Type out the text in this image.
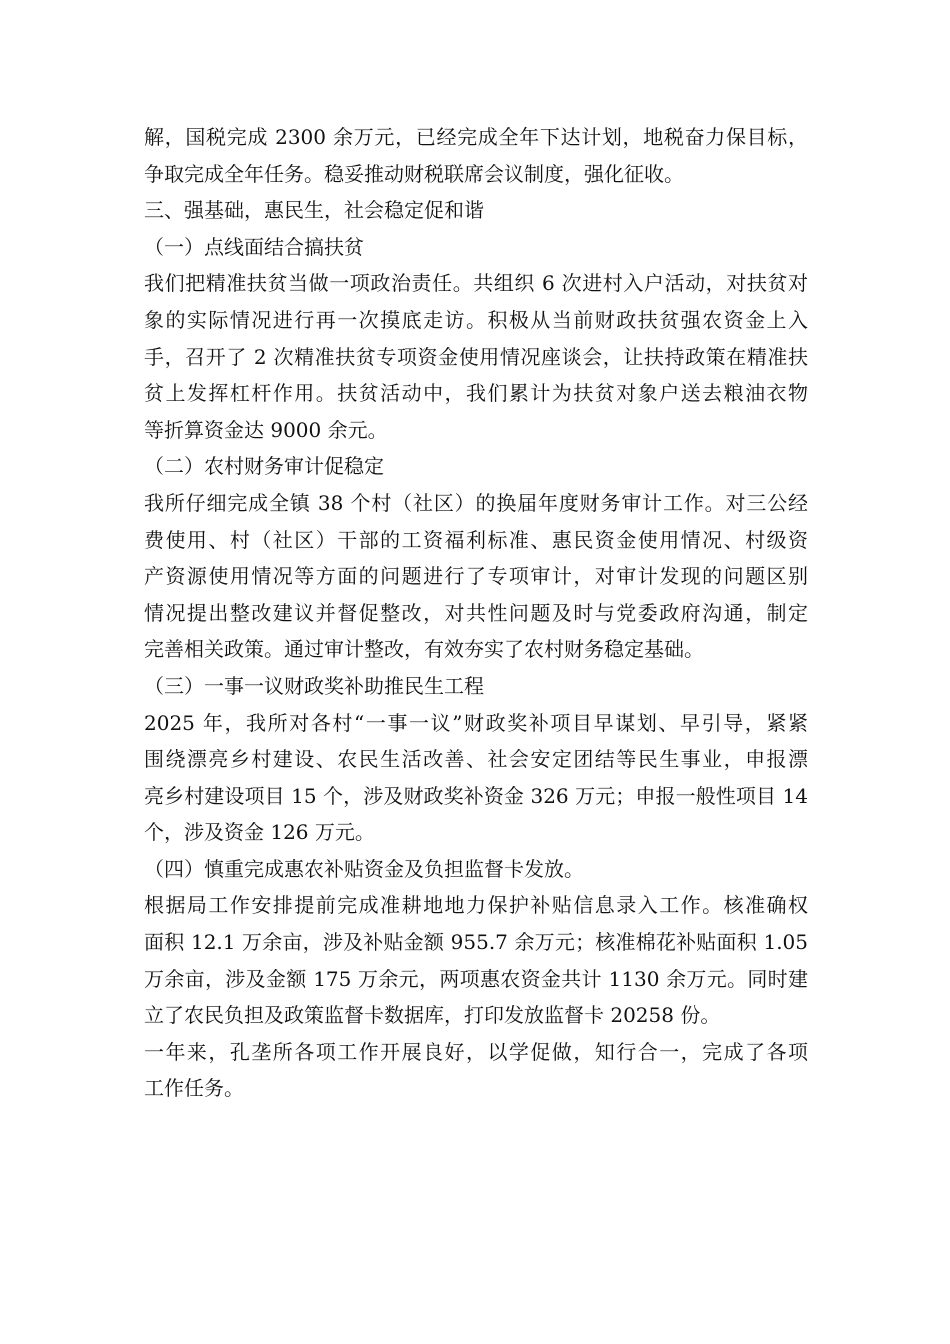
解，国税完成 2300 余万元，已经完成全年下达计划，地税奋力保目标，
争取完成全年任务。稳妥推动财税联席会议制度，强化征收。
三、强基础，惠民生，社会稳定促和谐
（一）点线面结合搞扶贫
我们把精准扶贫当做一项政治责任。共组织 6 次进村入户活动，对扶贫对
象的实际情况进行再一次摸底走访。积极从当前财政扶贫强农资金上入
手，召开了 2 次精准扶贫专项资金使用情况座谈会，让扶持政策在精准扶
贫上发挥杠杆作用。扶贫活动中，我们累计为扶贫对象户送去粮油衣物
等折算资金达 9000 余元。
（二）农村财务审计促稳定
我所仔细完成全镇 38 个村（社区）的换届年度财务审计工作。对三公经
费使用、村（社区）干部的工资福利标准、惠民资金使用情况、村级资
产资源使用情况等方面的问题进行了专项审计，对审计发现的问题区别
情况提出整改建议并督促整改，对共性问题及时与党委政府沟通，制定
完善相关政策。通过审计整改，有效夯实了农村财务稳定基础。
（三）一事一议财政奖补助推民生工程
2025 年，我所对各村“一事一议”财政奖补项目早谋划、早引导，紧紧
围绕漂亮乡村建设、农民生活改善、社会安定团结等民生事业，申报漂
亮乡村建设项目 15 个，涉及财政奖补资金 326 万元；申报一般性项目 14
个，涉及资金 126 万元。
（四）慎重完成惠农补贴资金及负担监督卡发放。
根据局工作安排提前完成准耕地地力保护补贴信息录入工作。核准确权
面积 12.1 万余亩，涉及补贴金额 955.7 余万元；核准棉花补贴面积 1.05
万余亩，涉及金额 175 万余元，两项惠农资金共计 1130 余万元。同时建
立了农民负担及政策监督卡数据库，打印发放监督卡 20258 份。
一年来，孔垄所各项工作开展良好，以学促做，知行合一，完成了各项
工作任务。
